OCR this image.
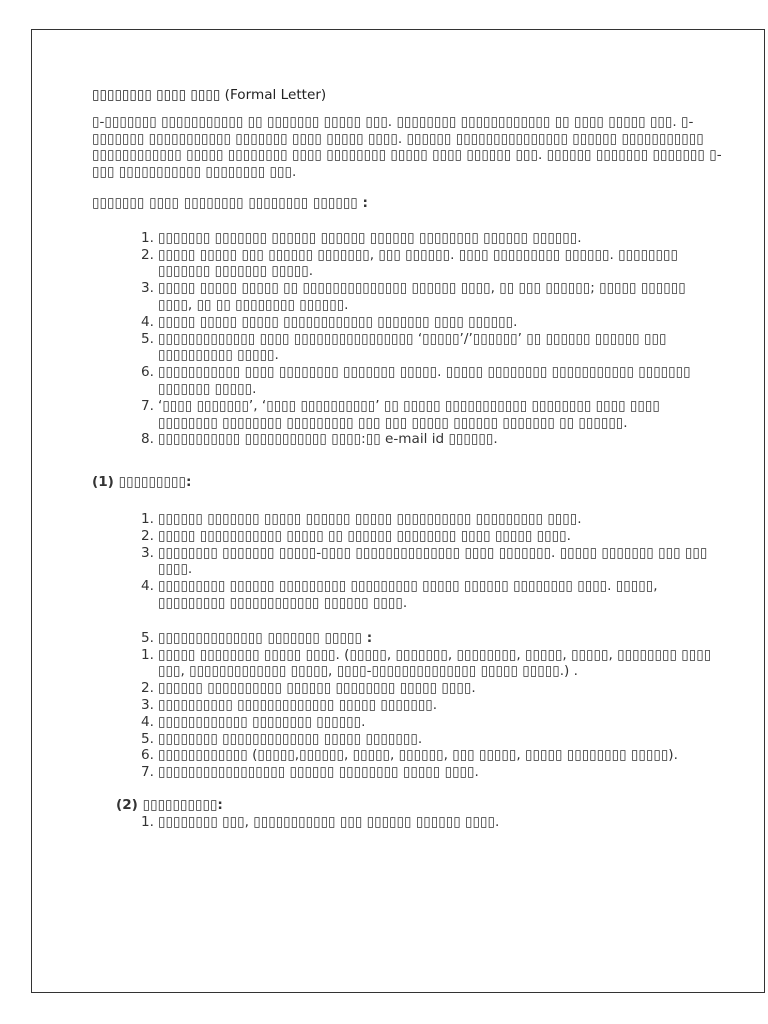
▯▯▯▯▯▯▯▯ ▯▯▯▯ ▯▯▯▯ (Formal Letter)

▯-▯▯▯▯▯▯▯ ▯▯▯▯▯▯▯▯▯▯▯ ▯▯ ▯▯▯▯▯▯▯ ▯▯▯▯▯ ▯▯▯. ▯▯▯▯▯▯▯▯ ▯▯▯▯▯▯▯▯▯▯▯▯ ▯▯ ▯▯▯▯ ▯▯▯▯▯ ▯▯▯. ▯-▯▯▯▯▯▯▯ ▯▯▯▯▯▯▯▯▯▯▯ ▯▯▯▯▯▯▯ ▯▯▯▯ ▯▯▯▯▯ ▯▯▯▯. ▯▯▯▯▯▯ ▯▯▯▯▯▯▯▯▯▯▯▯▯▯▯ ▯▯▯▯▯▯ ▯▯▯▯▯▯▯▯▯▯▯ ▯▯▯▯▯▯▯▯▯▯▯▯ ▯▯▯▯▯ ▯▯▯▯▯▯▯▯ ▯▯▯▯ ▯▯▯▯▯▯▯▯ ▯▯▯▯▯ ▯▯▯▯ ▯▯▯▯▯▯ ▯▯▯. ▯▯▯▯▯▯ ▯▯▯▯▯▯▯ ▯▯▯▯▯▯▯ ▯-▯▯▯ ▯▯▯▯▯▯▯▯▯▯▯ ▯▯▯▯▯▯▯▯ ▯▯▯.

▯▯▯▯▯▯▯ ▯▯▯▯ ▯▯▯▯▯▯▯▯ ▯▯▯▯▯▯▯▯ ▯▯▯▯▯▯ :
1. ▯▯▯▯▯▯▯ ▯▯▯▯▯▯▯ ▯▯▯▯▯▯ ▯▯▯▯▯▯ ▯▯▯▯▯▯ ▯▯▯▯▯▯▯▯ ▯▯▯▯▯▯ ▯▯▯▯▯▯.
2. ▯▯▯▯▯ ▯▯▯▯▯ ▯▯▯ ▯▯▯▯▯▯ ▯▯▯▯▯▯▯, ▯▯▯ ▯▯▯▯▯▯. ▯▯▯▯ ▯▯▯▯▯▯▯▯▯ ▯▯▯▯▯▯. ▯▯▯▯▯▯▯▯ ▯▯▯▯▯▯▯ ▯▯▯▯▯▯▯ ▯▯▯▯▯.
3. ▯▯▯▯▯ ▯▯▯▯▯ ▯▯▯▯▯ ▯▯ ▯▯▯▯▯▯▯▯▯▯▯▯▯▯ ▯▯▯▯▯▯ ▯▯▯▯, ▯▯ ▯▯▯ ▯▯▯▯▯▯; ▯▯▯▯▯ ▯▯▯▯▯▯ ▯▯▯▯, ▯▯ ▯▯ ▯▯▯▯▯▯▯▯ ▯▯▯▯▯▯.
4. ▯▯▯▯▯ ▯▯▯▯▯ ▯▯▯▯▯ ▯▯▯▯▯▯▯▯▯▯▯▯ ▯▯▯▯▯▯▯ ▯▯▯▯ ▯▯▯▯▯▯.
5. ▯▯▯▯▯▯▯▯▯▯▯▯▯ ▯▯▯▯ ▯▯▯▯▯▯▯▯▯▯▯▯▯▯▯▯ ‘▯▯▯▯▯’/’▯▯▯▯▯▯’ ▯▯ ▯▯▯▯▯▯ ▯▯▯▯▯▯ ▯▯▯ ▯▯▯▯▯▯▯▯▯▯ ▯▯▯▯▯.
6. ▯▯▯▯▯▯▯▯▯▯▯ ▯▯▯▯ ▯▯▯▯▯▯▯▯ ▯▯▯▯▯▯▯ ▯▯▯▯▯. ▯▯▯▯▯ ▯▯▯▯▯▯▯▯ ▯▯▯▯▯▯▯▯▯▯▯ ▯▯▯▯▯▯▯ ▯▯▯▯▯▯▯ ▯▯▯▯▯.
7. ‘▯▯▯▯ ▯▯▯▯▯▯▯’, ‘▯▯▯▯ ▯▯▯▯▯▯▯▯▯▯’ ▯▯ ▯▯▯▯▯ ▯▯▯▯▯▯▯▯▯▯▯ ▯▯▯▯▯▯▯▯ ▯▯▯▯ ▯▯▯▯ ▯▯▯▯▯▯▯▯ ▯▯▯▯▯▯▯▯ ▯▯▯▯▯▯▯▯▯ ▯▯▯ ▯▯▯ ▯▯▯▯▯ ▯▯▯▯▯▯ ▯▯▯▯▯▯▯ ▯▯ ▯▯▯▯▯▯.
8. ▯▯▯▯▯▯▯▯▯▯▯ ▯▯▯▯▯▯▯▯▯▯▯ ▯▯▯▯:▯▯ e-mail id ▯▯▯▯▯▯.
(1) ▯▯▯▯▯▯▯▯▯:
1. ▯▯▯▯▯▯ ▯▯▯▯▯▯▯ ▯▯▯▯▯ ▯▯▯▯▯▯ ▯▯▯▯▯ ▯▯▯▯▯▯▯▯▯▯ ▯▯▯▯▯▯▯▯▯ ▯▯▯▯.
2. ▯▯▯▯▯ ▯▯▯▯▯▯▯▯▯▯▯ ▯▯▯▯▯ ▯▯ ▯▯▯▯▯▯ ▯▯▯▯▯▯▯▯ ▯▯▯▯ ▯▯▯▯▯ ▯▯▯▯.
3. ▯▯▯▯▯▯▯▯ ▯▯▯▯▯▯▯ ▯▯▯▯▯-▯▯▯▯ ▯▯▯▯▯▯▯▯▯▯▯▯▯▯ ▯▯▯▯ ▯▯▯▯▯▯▯. ▯▯▯▯▯ ▯▯▯▯▯▯▯ ▯▯▯ ▯▯▯ ▯▯▯▯.
4. ▯▯▯▯▯▯▯▯▯ ▯▯▯▯▯▯ ▯▯▯▯▯▯▯▯▯ ▯▯▯▯▯▯▯▯▯ ▯▯▯▯▯ ▯▯▯▯▯▯ ▯▯▯▯▯▯▯▯ ▯▯▯▯. ▯▯▯▯▯, ▯▯▯▯▯▯▯▯▯ ▯▯▯▯▯▯▯▯▯▯▯▯ ▯▯▯▯▯▯ ▯▯▯▯.
5. ▯▯▯▯▯▯▯▯▯▯▯▯▯▯ ▯▯▯▯▯▯▯ ▯▯▯▯▯ :
1. ▯▯▯▯▯ ▯▯▯▯▯▯▯▯ ▯▯▯▯▯ ▯▯▯▯. (▯▯▯▯▯, ▯▯▯▯▯▯▯, ▯▯▯▯▯▯▯▯, ▯▯▯▯▯, ▯▯▯▯▯, ▯▯▯▯▯▯▯▯ ▯▯▯▯ ▯▯▯, ▯▯▯▯▯▯▯▯▯▯▯▯▯ ▯▯▯▯▯, ▯▯▯▯-▯▯▯▯▯▯▯▯▯▯▯▯▯▯ ▯▯▯▯▯ ▯▯▯▯▯.) .
2. ▯▯▯▯▯▯ ▯▯▯▯▯▯▯▯▯▯ ▯▯▯▯▯▯ ▯▯▯▯▯▯▯▯ ▯▯▯▯▯ ▯▯▯▯.
3. ▯▯▯▯▯▯▯▯▯▯ ▯▯▯▯▯▯▯▯▯▯▯▯▯ ▯▯▯▯▯ ▯▯▯▯▯▯▯.
4. ▯▯▯▯▯▯▯▯▯▯▯▯ ▯▯▯▯▯▯▯▯ ▯▯▯▯▯▯.
5. ▯▯▯▯▯▯▯▯ ▯▯▯▯▯▯▯▯▯▯▯▯▯ ▯▯▯▯▯ ▯▯▯▯▯▯▯.
6. ▯▯▯▯▯▯▯▯▯▯▯▯ (▯▯▯▯▯,▯▯▯▯▯▯, ▯▯▯▯▯, ▯▯▯▯▯▯, ▯▯▯ ▯▯▯▯▯, ▯▯▯▯▯ ▯▯▯▯▯▯▯▯ ▯▯▯▯▯).
7. ▯▯▯▯▯▯▯▯▯▯▯▯▯▯▯▯▯ ▯▯▯▯▯▯ ▯▯▯▯▯▯▯▯ ▯▯▯▯▯ ▯▯▯▯.
(2) ▯▯▯▯▯▯▯▯▯▯:
1. ▯▯▯▯▯▯▯▯ ▯▯▯, ▯▯▯▯▯▯▯▯▯▯▯ ▯▯▯ ▯▯▯▯▯▯ ▯▯▯▯▯▯ ▯▯▯▯.
